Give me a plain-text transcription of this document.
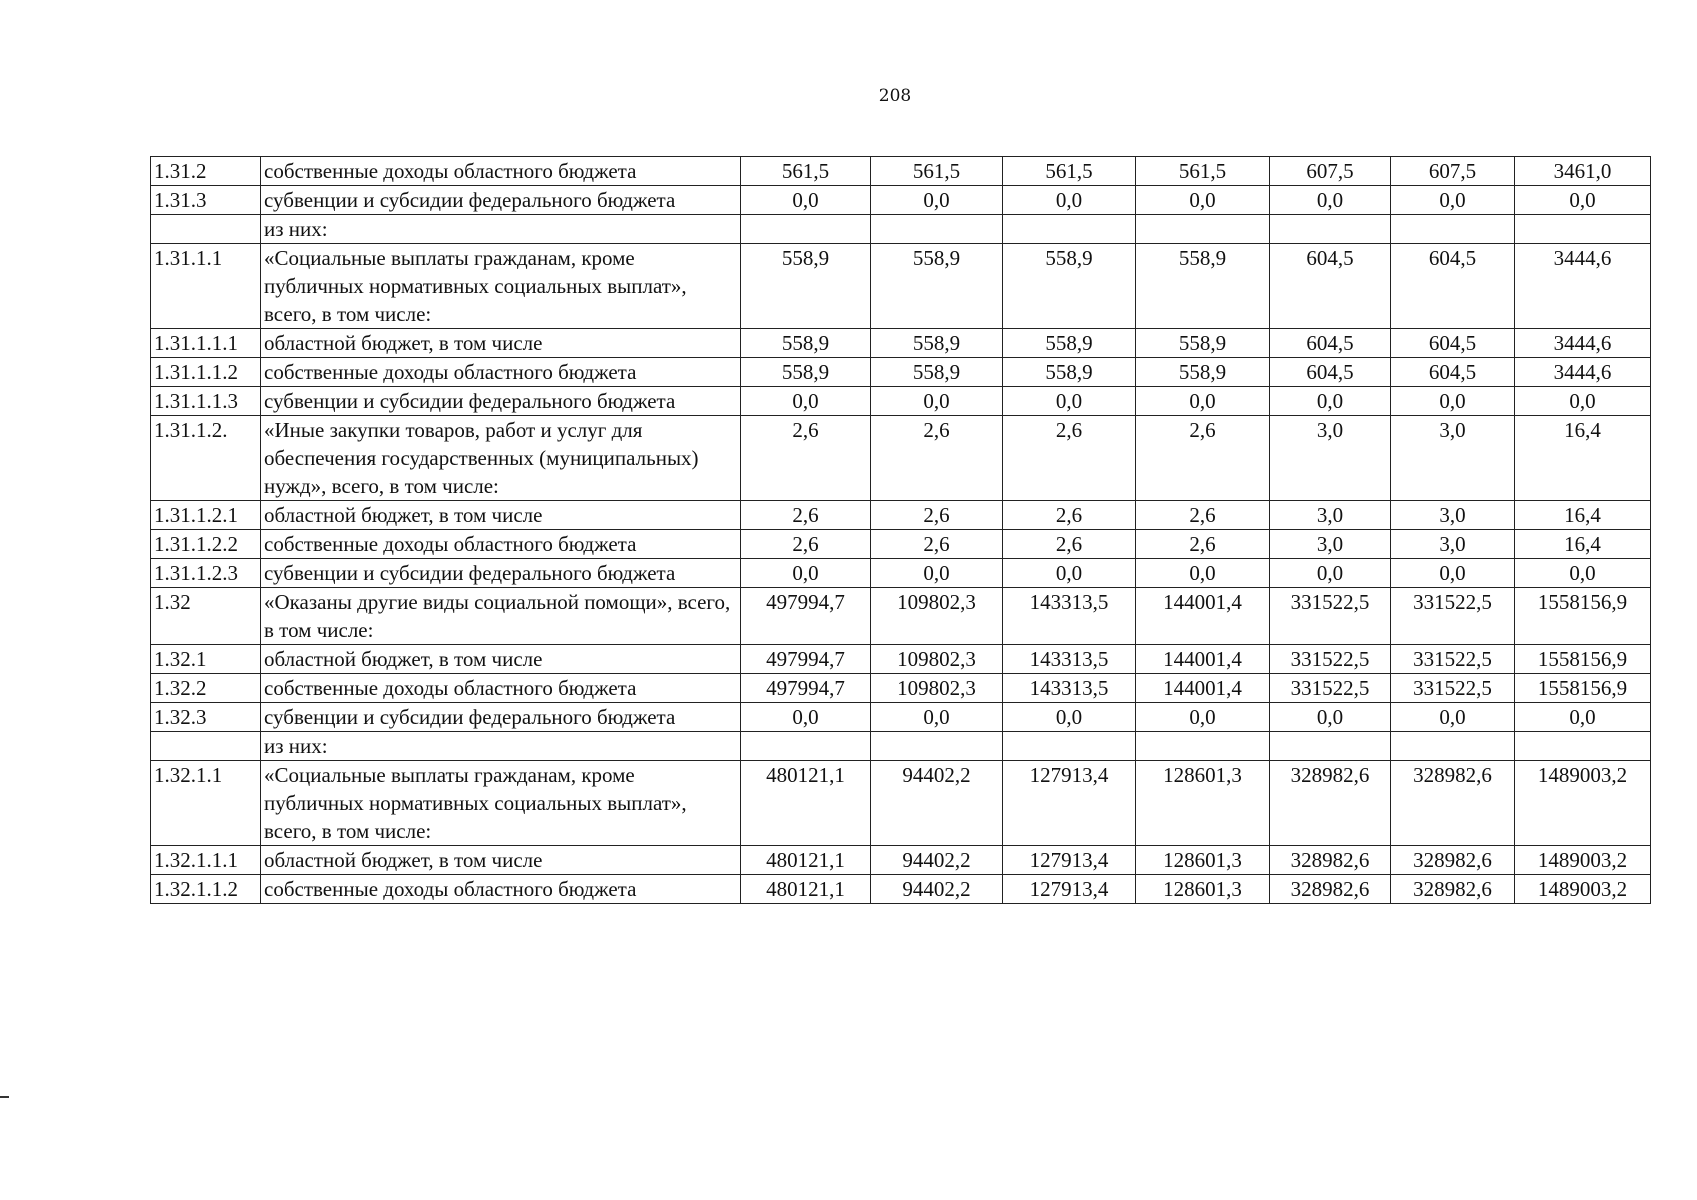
208
1.31.2	собственные доходы областного бюджета	561,5	561,5	561,5	561,5	607,5	607,5	3461,0
1.31.3	субвенции и субсидии федерального бюджета	0,0	0,0	0,0	0,0	0,0	0,0	0,0
	из них:							
1.31.1.1	«Социальные выплаты гражданам, кроме публичных нормативных социальных выплат», всего, в том числе:	558,9	558,9	558,9	558,9	604,5	604,5	3444,6
1.31.1.1.1	областной бюджет, в том числе	558,9	558,9	558,9	558,9	604,5	604,5	3444,6
1.31.1.1.2	собственные доходы областного бюджета	558,9	558,9	558,9	558,9	604,5	604,5	3444,6
1.31.1.1.3	субвенции и субсидии федерального бюджета	0,0	0,0	0,0	0,0	0,0	0,0	0,0
1.31.1.2.	«Иные закупки товаров, работ и услуг для обеспечения государственных (муниципальных) нужд», всего, в том числе:	2,6	2,6	2,6	2,6	3,0	3,0	16,4
1.31.1.2.1	областной бюджет, в том числе	2,6	2,6	2,6	2,6	3,0	3,0	16,4
1.31.1.2.2	собственные доходы областного бюджета	2,6	2,6	2,6	2,6	3,0	3,0	16,4
1.31.1.2.3	субвенции и субсидии федерального бюджета	0,0	0,0	0,0	0,0	0,0	0,0	0,0
1.32	«Оказаны другие виды социальной помощи», всего, в том числе:	497994,7	109802,3	143313,5	144001,4	331522,5	331522,5	1558156,9
1.32.1	областной бюджет, в том числе	497994,7	109802,3	143313,5	144001,4	331522,5	331522,5	1558156,9
1.32.2	собственные доходы областного бюджета	497994,7	109802,3	143313,5	144001,4	331522,5	331522,5	1558156,9
1.32.3	субвенции и субсидии федерального бюджета	0,0	0,0	0,0	0,0	0,0	0,0	0,0
	из них:							
1.32.1.1	«Социальные выплаты гражданам, кроме публичных нормативных социальных выплат», всего, в том числе:	480121,1	94402,2	127913,4	128601,3	328982,6	328982,6	1489003,2
1.32.1.1.1	областной бюджет, в том числе	480121,1	94402,2	127913,4	128601,3	328982,6	328982,6	1489003,2
1.32.1.1.2	собственные доходы областного бюджета	480121,1	94402,2	127913,4	128601,3	328982,6	328982,6	1489003,2
